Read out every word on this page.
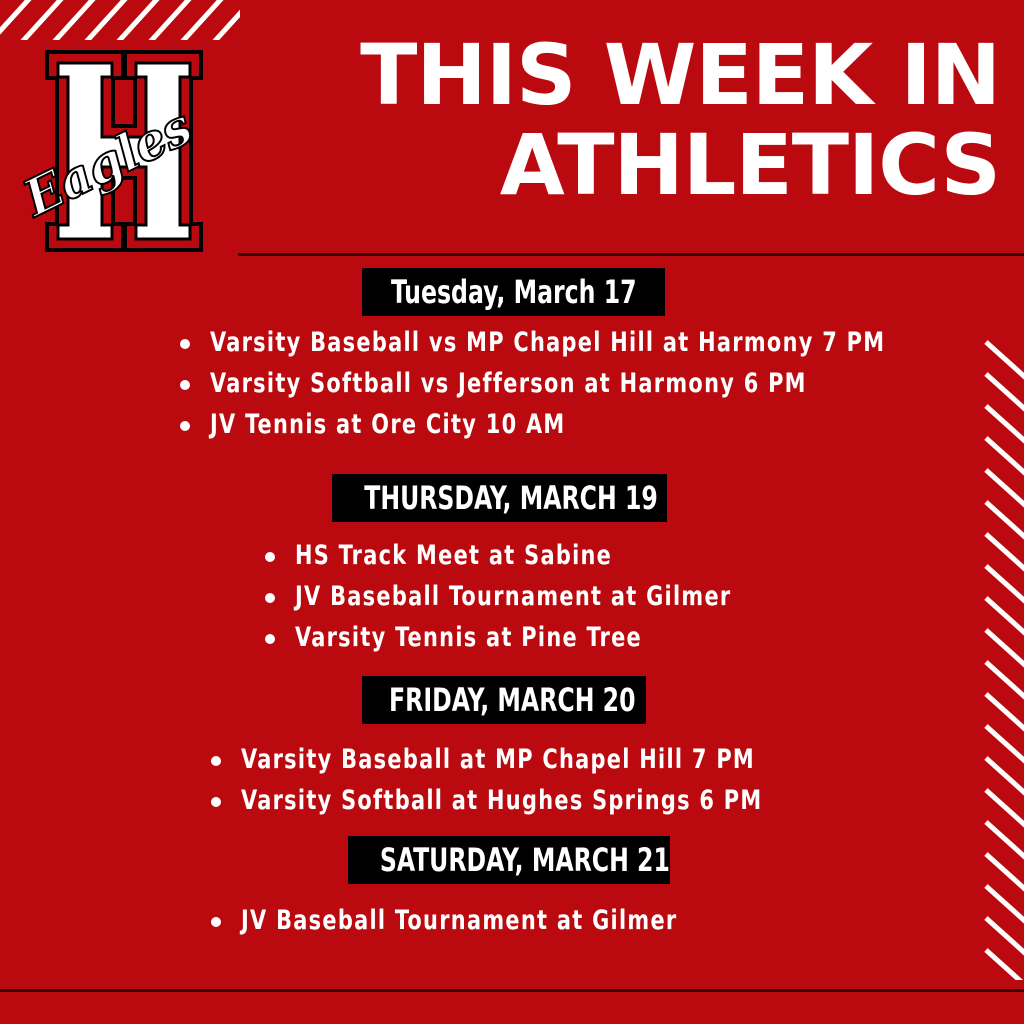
Eagles
THIS WEEK IN
ATHLETICS
Tuesday, March 17
Varsity Baseball vs MP Chapel Hill at Harmony 7 PM
Varsity Softball vs Jefferson at Harmony 6 PM
JV Tennis at Ore City 10 AM
THURSDAY, MARCH 19
HS Track Meet at Sabine
JV Baseball Tournament at Gilmer
Varsity Tennis at Pine Tree
FRIDAY, MARCH 20
Varsity Baseball at MP Chapel Hill 7 PM
Varsity Softball at Hughes Springs 6 PM
SATURDAY, MARCH 21
JV Baseball Tournament at Gilmer
